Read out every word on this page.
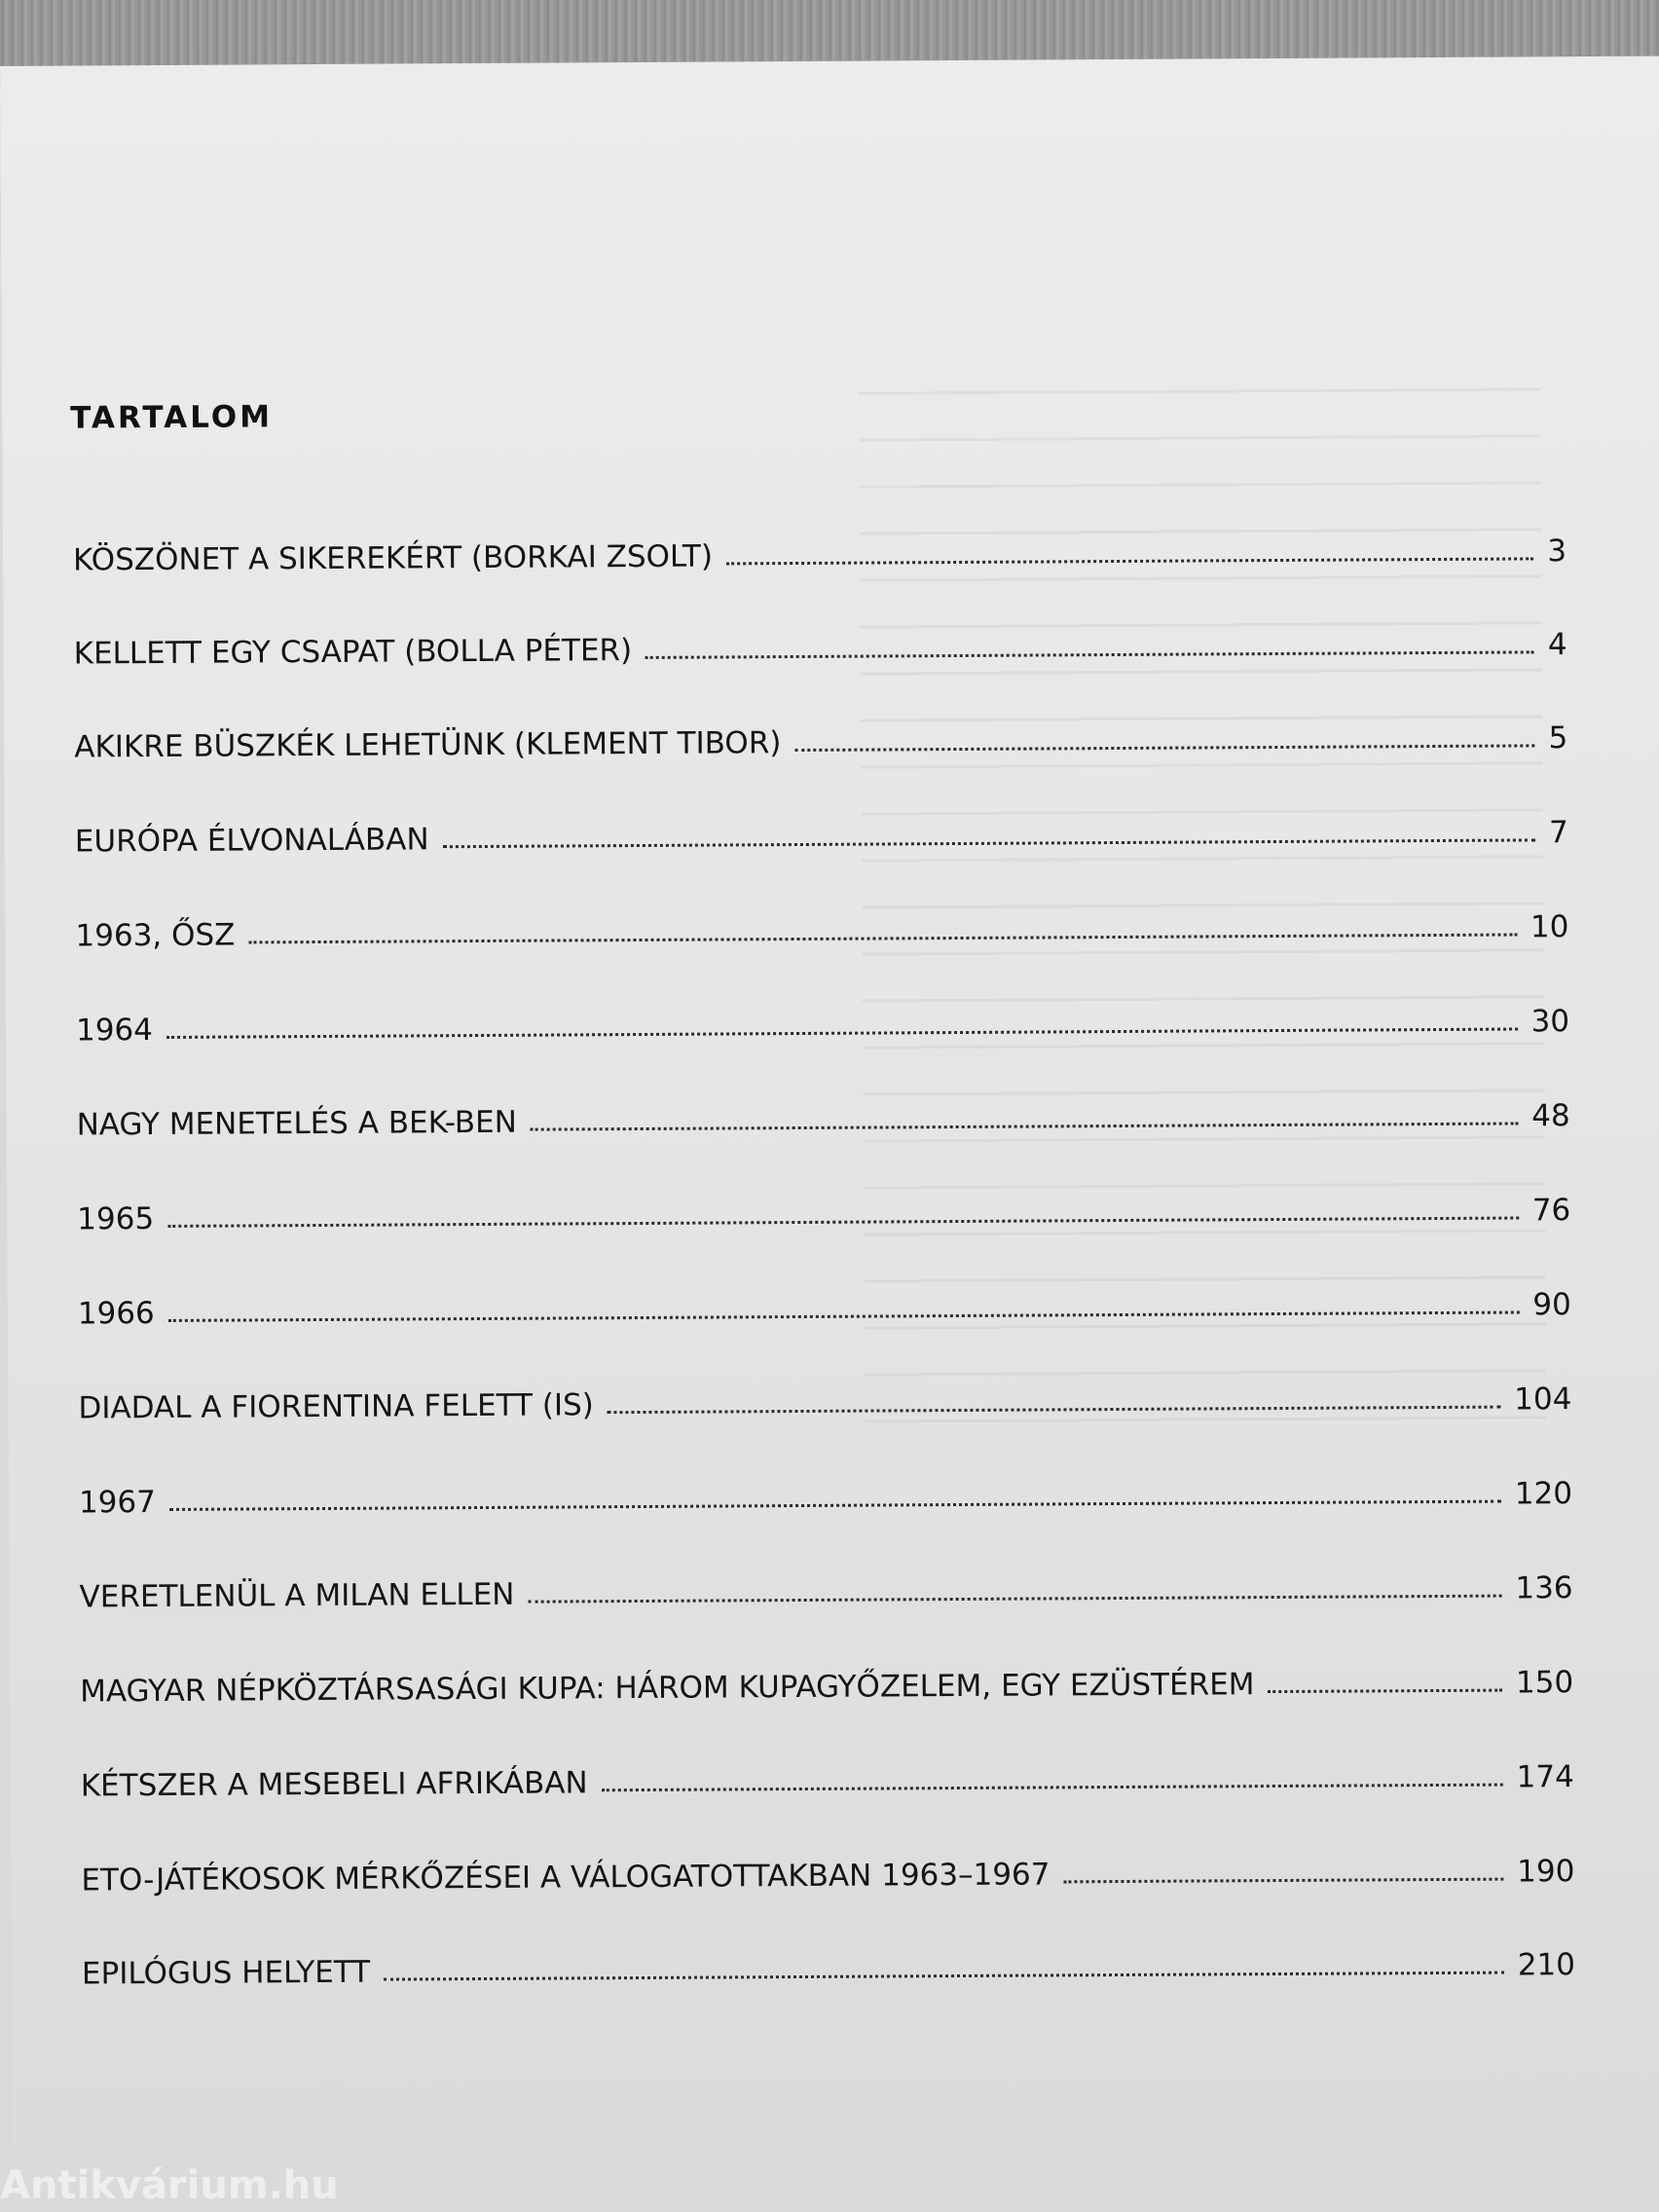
TARTALOM
KÖSZÖNET A SIKEREKÉRT (BORKAI ZSOLT)	3
KELLETT EGY CSAPAT (BOLLA PÉTER)	4
AKIKRE BÜSZKÉK LEHETÜNK (KLEMENT TIBOR)	5
EURÓPA ÉLVONALÁBAN	7
1963, ŐSZ	10
1964	30
NAGY MENETELÉS A BEK-BEN	48
1965	76
1966	90
DIADAL A FIORENTINA FELETT (IS)	104
1967	120
VERETLENÜL A MILAN ELLEN	136
MAGYAR NÉPKÖZTÁRSASÁGI KUPA: HÁROM KUPAGYŐZELEM, EGY EZÜSTÉREM	150
KÉTSZER A MESEBELI AFRIKÁBAN	174
ETO-JÁTÉKOSOK MÉRKŐZÉSEI A VÁLOGATOTTAKBAN 1963–1967	190
EPILÓGUS HELYETT	210

Antikvárium.hu
